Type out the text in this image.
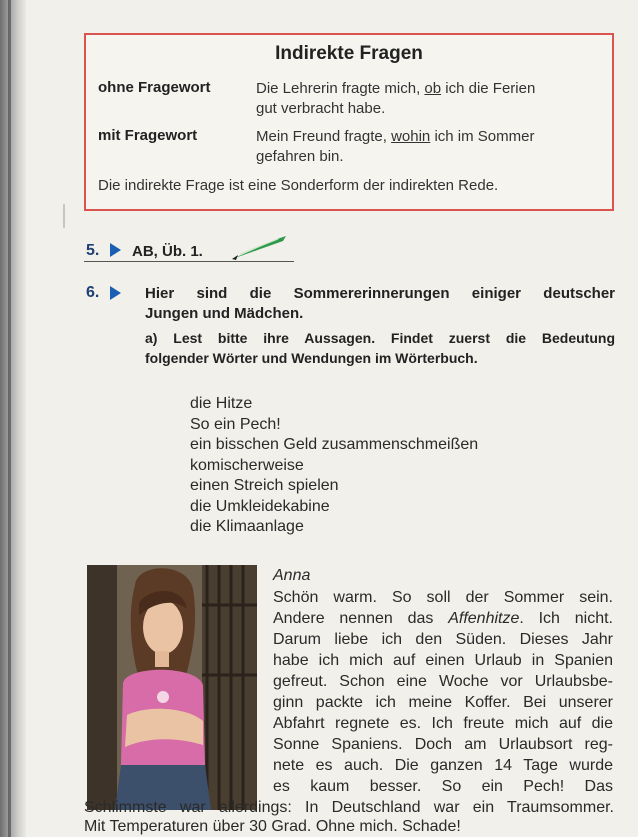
Indirekte Fragen
ohne Fragewort	Die Lehrerin fragte mich, ob ich die Ferien
gut verbracht habe.
mit Fragewort	Mein Freund fragte, wohin ich im Sommer
gefahren bin.
Die indirekte Frage ist eine Sonderform der indirekten Rede.
5. AB, Üb. 1.
6.	Hier sind die Sommererinnerungen einiger deutscher
Jungen und Mädchen.
a) Lest bitte ihre Aussagen. Findet zuerst die Bedeutung
folgender Wörter und Wendungen im Wörterbuch.
die Hitze
So ein Pech!
ein bisschen Geld zusammenschmeißen
komischerweise
einen Streich spielen
die Umkleidekabine
die Klimaanlage
Anna
Schön warm. So soll der Sommer sein.
Andere nennen das Affenhitze. Ich nicht.
Darum liebe ich den Süden. Dieses Jahr
habe ich mich auf einen Urlaub in Spanien
gefreut. Schon eine Woche vor Urlaubsbe-
ginn packte ich meine Koffer. Bei unserer
Abfahrt regnete es. Ich freute mich auf die
Sonne Spaniens. Doch am Urlaubsort reg-
nete es auch. Die ganzen 14 Tage wurde
es kaum besser. So ein Pech! Das
Schlimmste war allerdings: In Deutschland war ein Traumsommer.
Mit Temperaturen über 30 Grad. Ohne mich. Schade!
